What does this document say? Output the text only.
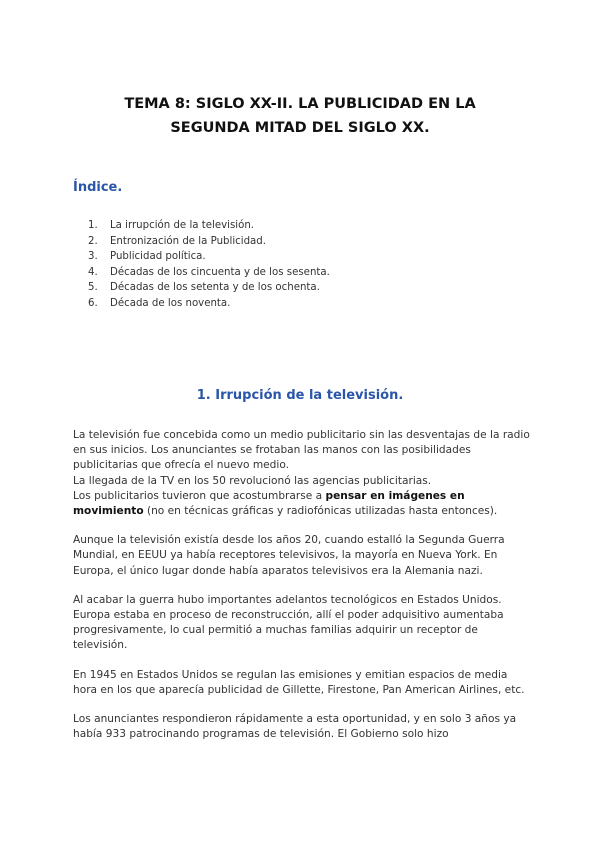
TEMA 8: SIGLO XX-II. LA PUBLICIDAD EN LA
SEGUNDA MITAD DEL SIGLO XX.
Índice.
1.	La irrupción de la televisión.
2.	Entronización de la Publicidad.
3.	Publicidad política.
4.	Décadas de los cincuenta y de los sesenta.
5.	Décadas de los setenta y de los ochenta.
6.	Década de los noventa.
1. Irrupción de la televisión.

La televisión fue concebida como un medio publicitario sin las desventajas de la radio en sus inicios. Los anunciantes se frotaban las manos con las posibilidades publicitarias que ofrecía el nuevo medio.

La llegada de la TV en los 50 revolucionó las agencias publicitarias.

Los publicitarios tuvieron que acostumbrarse a pensar en imágenes en movimiento (no en técnicas gráficas y radiofónicas utilizadas hasta entonces).

Aunque la televisión existía desde los años 20, cuando estalló la Segunda Guerra Mundial, en EEUU ya había receptores televisivos, la mayoría en Nueva York. En Europa, el único lugar donde había aparatos televisivos era la Alemania nazi.

Al acabar la guerra hubo importantes adelantos tecnológicos en Estados Unidos. Europa estaba en proceso de reconstrucción, allí el poder adquisitivo aumentaba progresivamente, lo cual permitió a muchas familias adquirir un receptor de televisión.

En 1945 en Estados Unidos se regulan las emisiones y emitian espacios de media hora en los que aparecía publicidad de Gillette, Firestone, Pan American Airlines, etc.

Los anunciantes respondieron rápidamente a esta oportunidad, y en solo 3 años ya había 933 patrocinando programas de televisión. El Gobierno solo hizo
